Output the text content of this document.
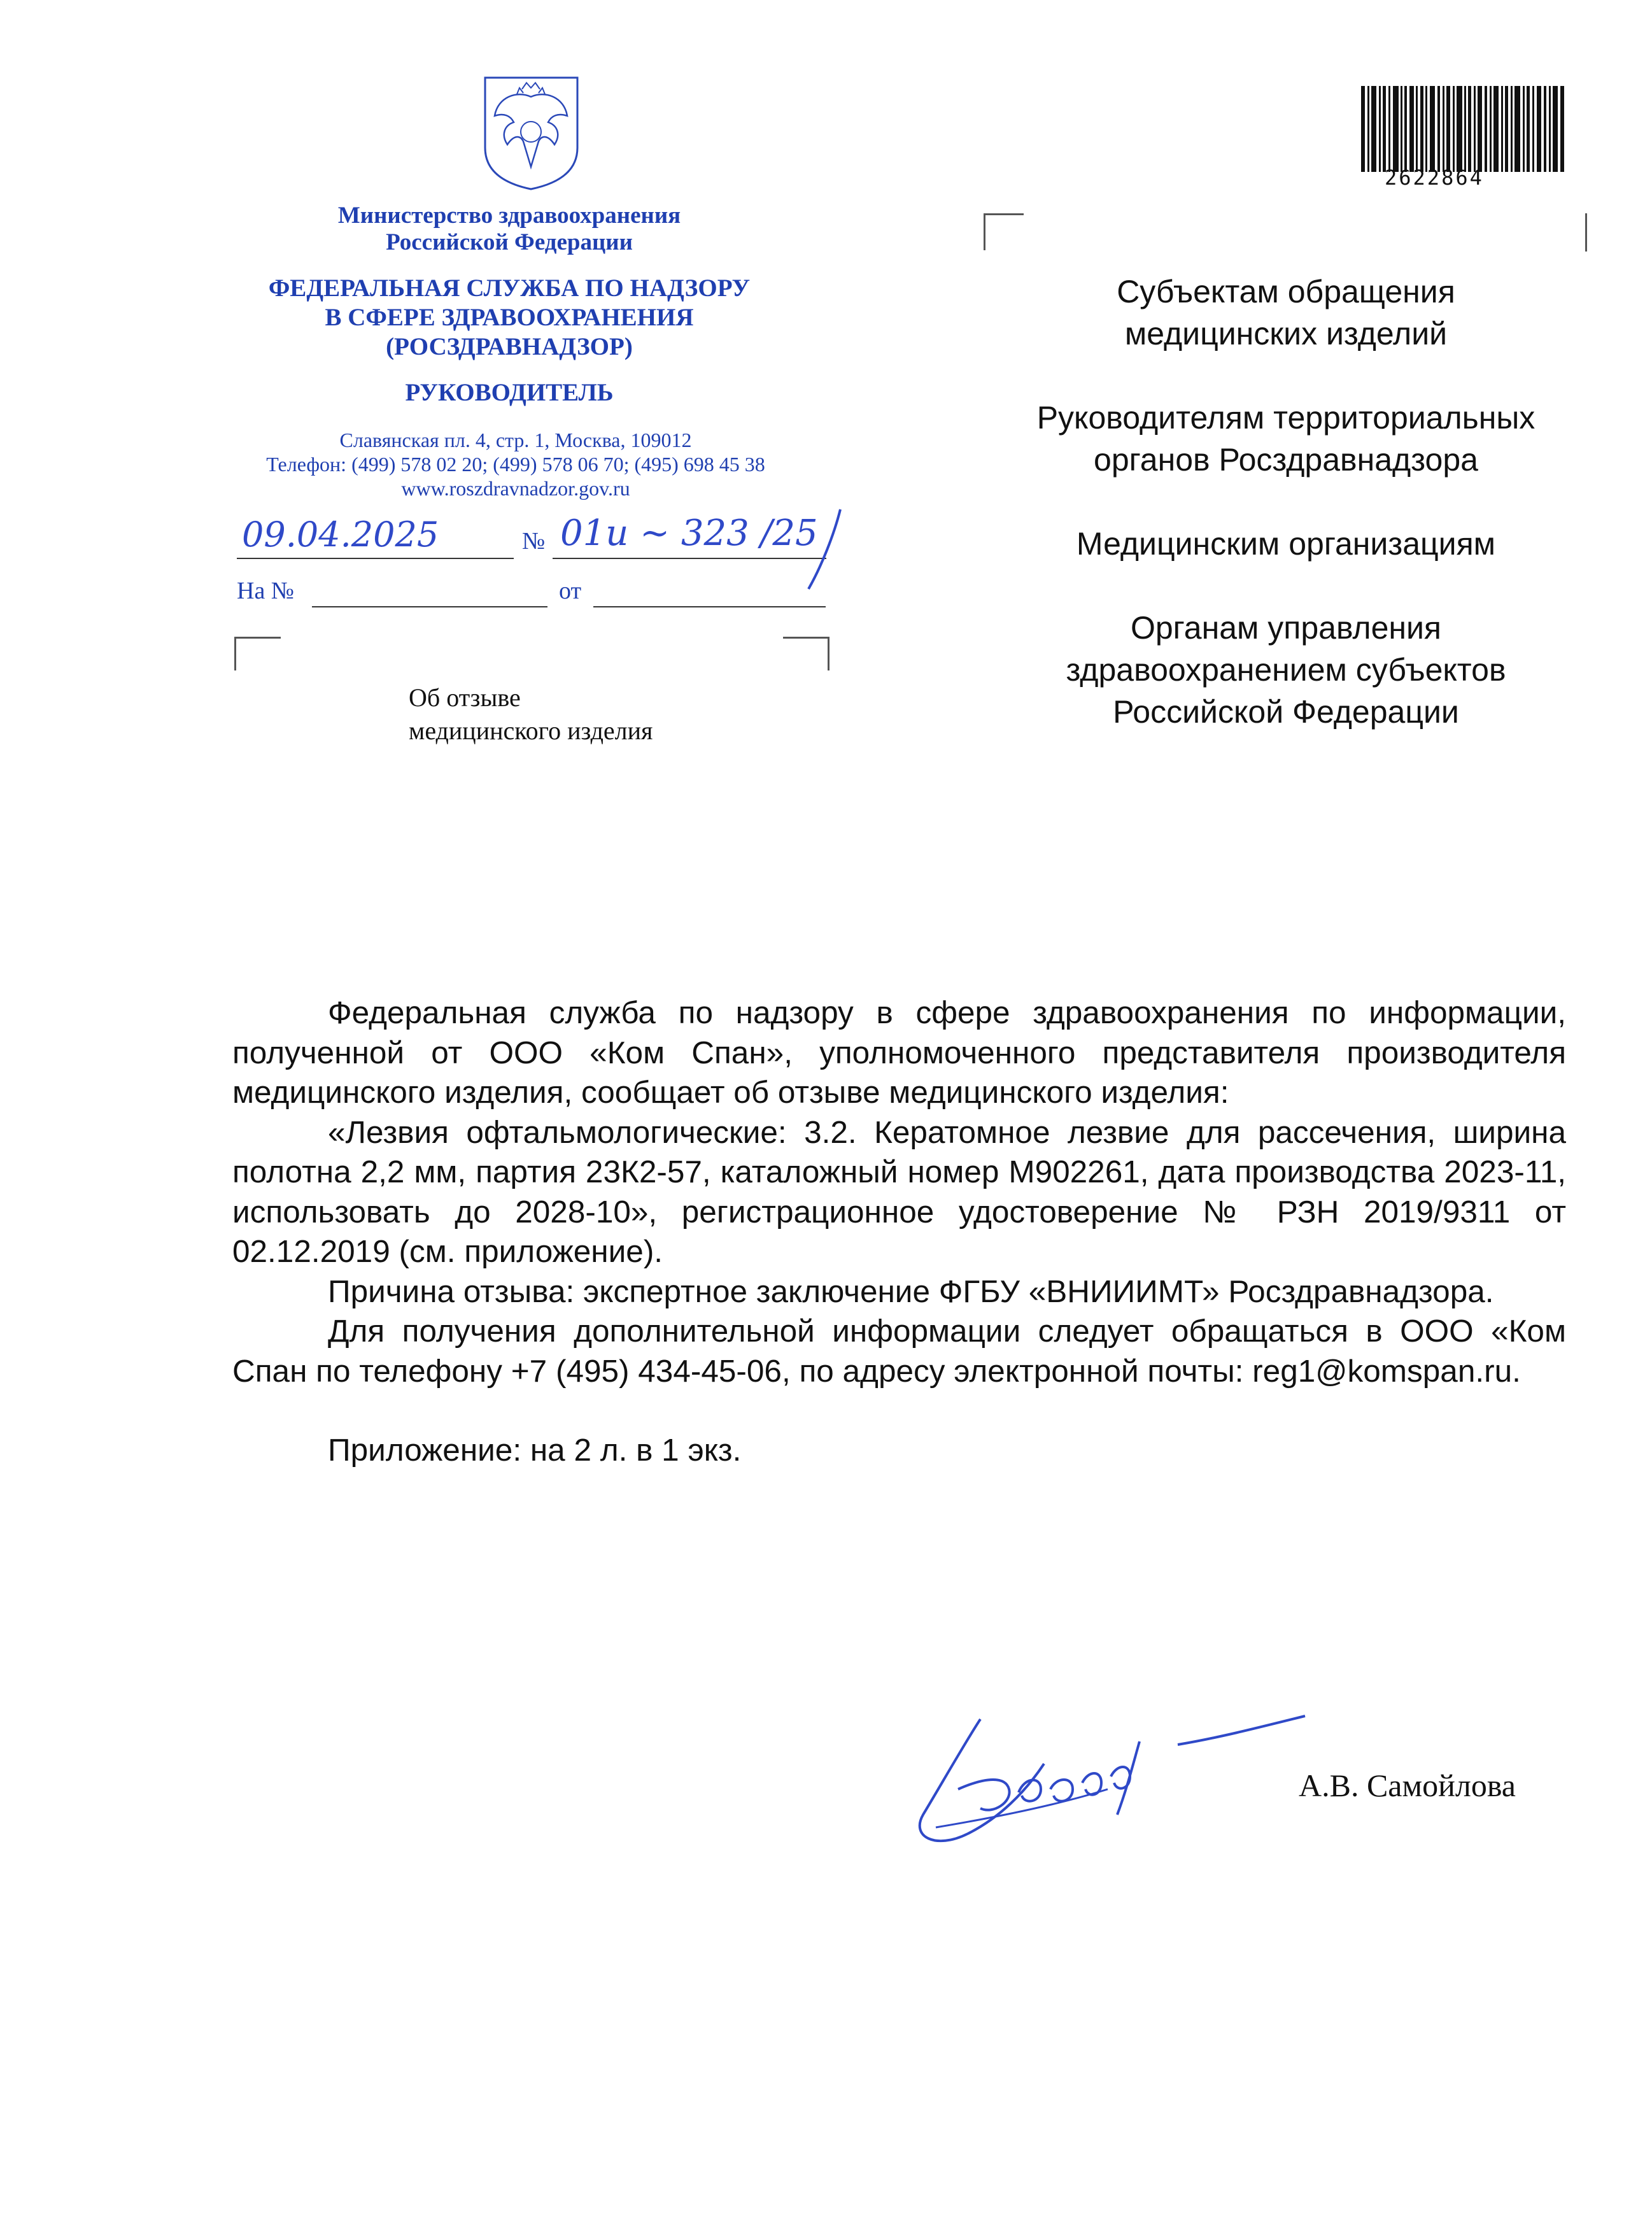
Министерство здравоохранения
Российской Федерации
ФЕДЕРАЛЬНАЯ СЛУЖБА ПО НАДЗОРУ
В СФЕРЕ ЗДРАВООХРАНЕНИЯ
(РОСЗДРАВНАДЗОР)
РУКОВОДИТЕЛЬ
Славянская пл. 4, стр. 1, Москва, 109012
Телефон: (499) 578 02 20; (499) 578 06 70; (495) 698 45 38
www.roszdravnadzor.gov.ru
09.04.2025	№ 01и ~ 323 /25
На №	от
Об отзыве
медицинского изделия
2622864
Субъектам обращения
медицинских изделий
Руководителям территориальных
органов Росздравнадзора
Медицинским организациям
Органам управления
здравоохранением субъектов
Российской Федерации

Федеральная служба по надзору в сфере здравоохранения по информации, полученной от ООО «Ком Спан», уполномоченного представителя производителя медицинского изделия, сообщает об отзыве медицинского изделия:

«Лезвия офтальмологические: 3.2. Кератомное лезвие для рассечения, ширина полотна 2,2 мм, партия 23К2-57, каталожный номер M902261, дата производства 2023-11, использовать до 2028-10», регистрационное удостоверение № РЗН 2019/9311 от 02.12.2019 (см. приложение).

Причина отзыва: экспертное заключение ФГБУ «ВНИИИМТ» Росздравнадзора.

Для получения дополнительной информации следует обращаться в ООО «Ком Спан по телефону +7 (495) 434-45-06, по адресу электронной почты: reg1@komspan.ru.

Приложение: на 2 л. в 1 экз.

А.В. Самойлова
